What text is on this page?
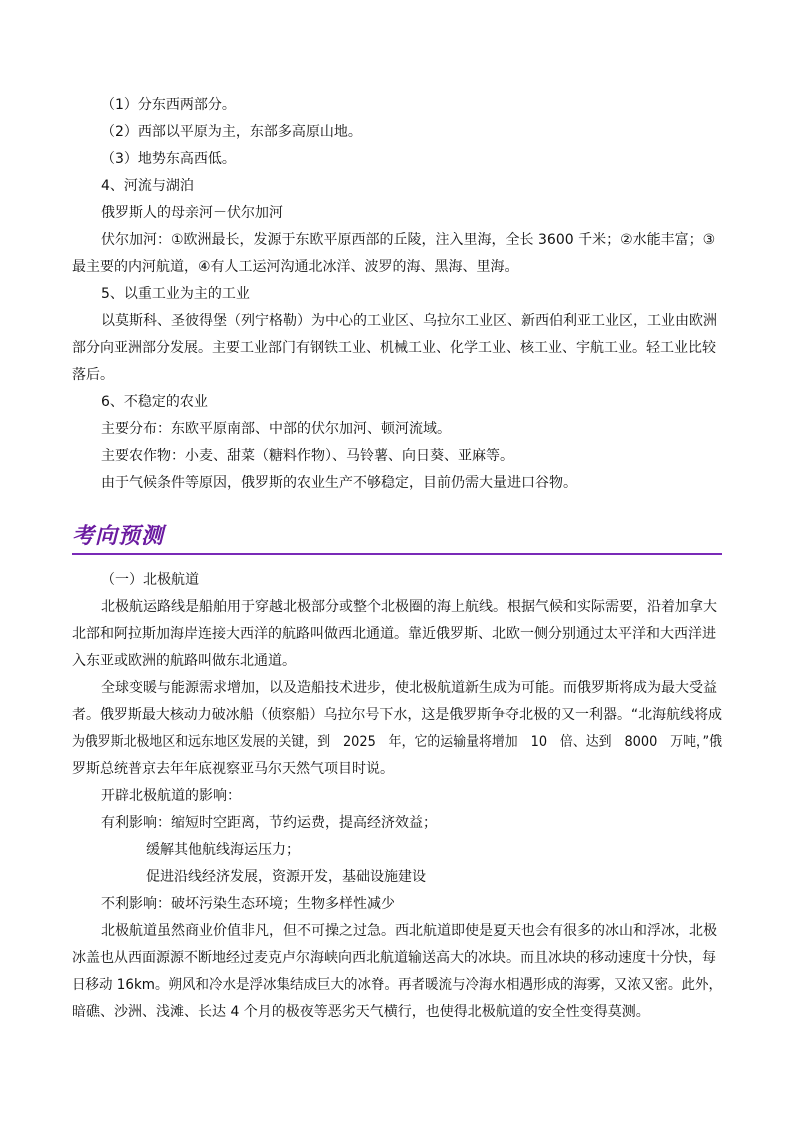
（1）分东西两部分。
（2）西部以平原为主，东部多高原山地。
（3）地势东高西低。
4、河流与湖泊
俄罗斯人的母亲河－伏尔加河
伏尔加河：①欧洲最长，发源于东欧平原西部的丘陵，注入里海，全长 3600 千米；②水能丰富；③
最主要的内河航道，④有人工运河沟通北冰洋、波罗的海、黑海、里海。
5、以重工业为主的工业
以莫斯科、圣彼得堡（列宁格勒）为中心的工业区、乌拉尔工业区、新西伯利亚工业区，工业由欧洲
部分向亚洲部分发展。主要工业部门有钢铁工业、机械工业、化学工业、核工业、宇航工业。轻工业比较
落后。
6、不稳定的农业
主要分布：东欧平原南部、中部的伏尔加河、顿河流域。
主要农作物：小麦、甜菜（糖料作物）、马铃薯、向日葵、亚麻等。
由于气候条件等原因，俄罗斯的农业生产不够稳定，目前仍需大量进口谷物。
考向预测
（一）北极航道
北极航运路线是船舶用于穿越北极部分或整个北极圈的海上航线。根据气候和实际需要，沿着加拿大
北部和阿拉斯加海岸连接大西洋的航路叫做西北通道。靠近俄罗斯、北欧一侧分别通过太平洋和大西洋进
入东亚或欧洲的航路叫做东北通道。
全球变暖与能源需求增加，以及造船技术进步，使北极航道新生成为可能。而俄罗斯将成为最大受益
者。俄罗斯最大核动力破冰船（侦察船）乌拉尔号下水，这是俄罗斯争夺北极的又一利器。“北海航线将成
为俄罗斯北极地区和远东地区发展的关键，到　2025　年，它的运输量将增加　10　倍、达到　8000　万吨，”俄
罗斯总统普京去年年底视察亚马尔天然气项目时说。
开辟北极航道的影响：
有利影响：缩短时空距离，节约运费，提高经济效益；
缓解其他航线海运压力；
促进沿线经济发展，资源开发，基础设施建设
不利影响：破坏污染生态环境；生物多样性减少
北极航道虽然商业价值非凡，但不可操之过急。西北航道即使是夏天也会有很多的冰山和浮冰，北极
冰盖也从西面源源不断地经过麦克卢尔海峡向西北航道输送高大的冰块。而且冰块的移动速度十分快，每
日移动 16km。朔风和冷水是浮冰集结成巨大的冰脊。再者暖流与冷海水相遇形成的海雾，又浓又密。此外，
暗礁、沙洲、浅滩、长达 4 个月的极夜等恶劣天气横行，也使得北极航道的安全性变得莫测。
